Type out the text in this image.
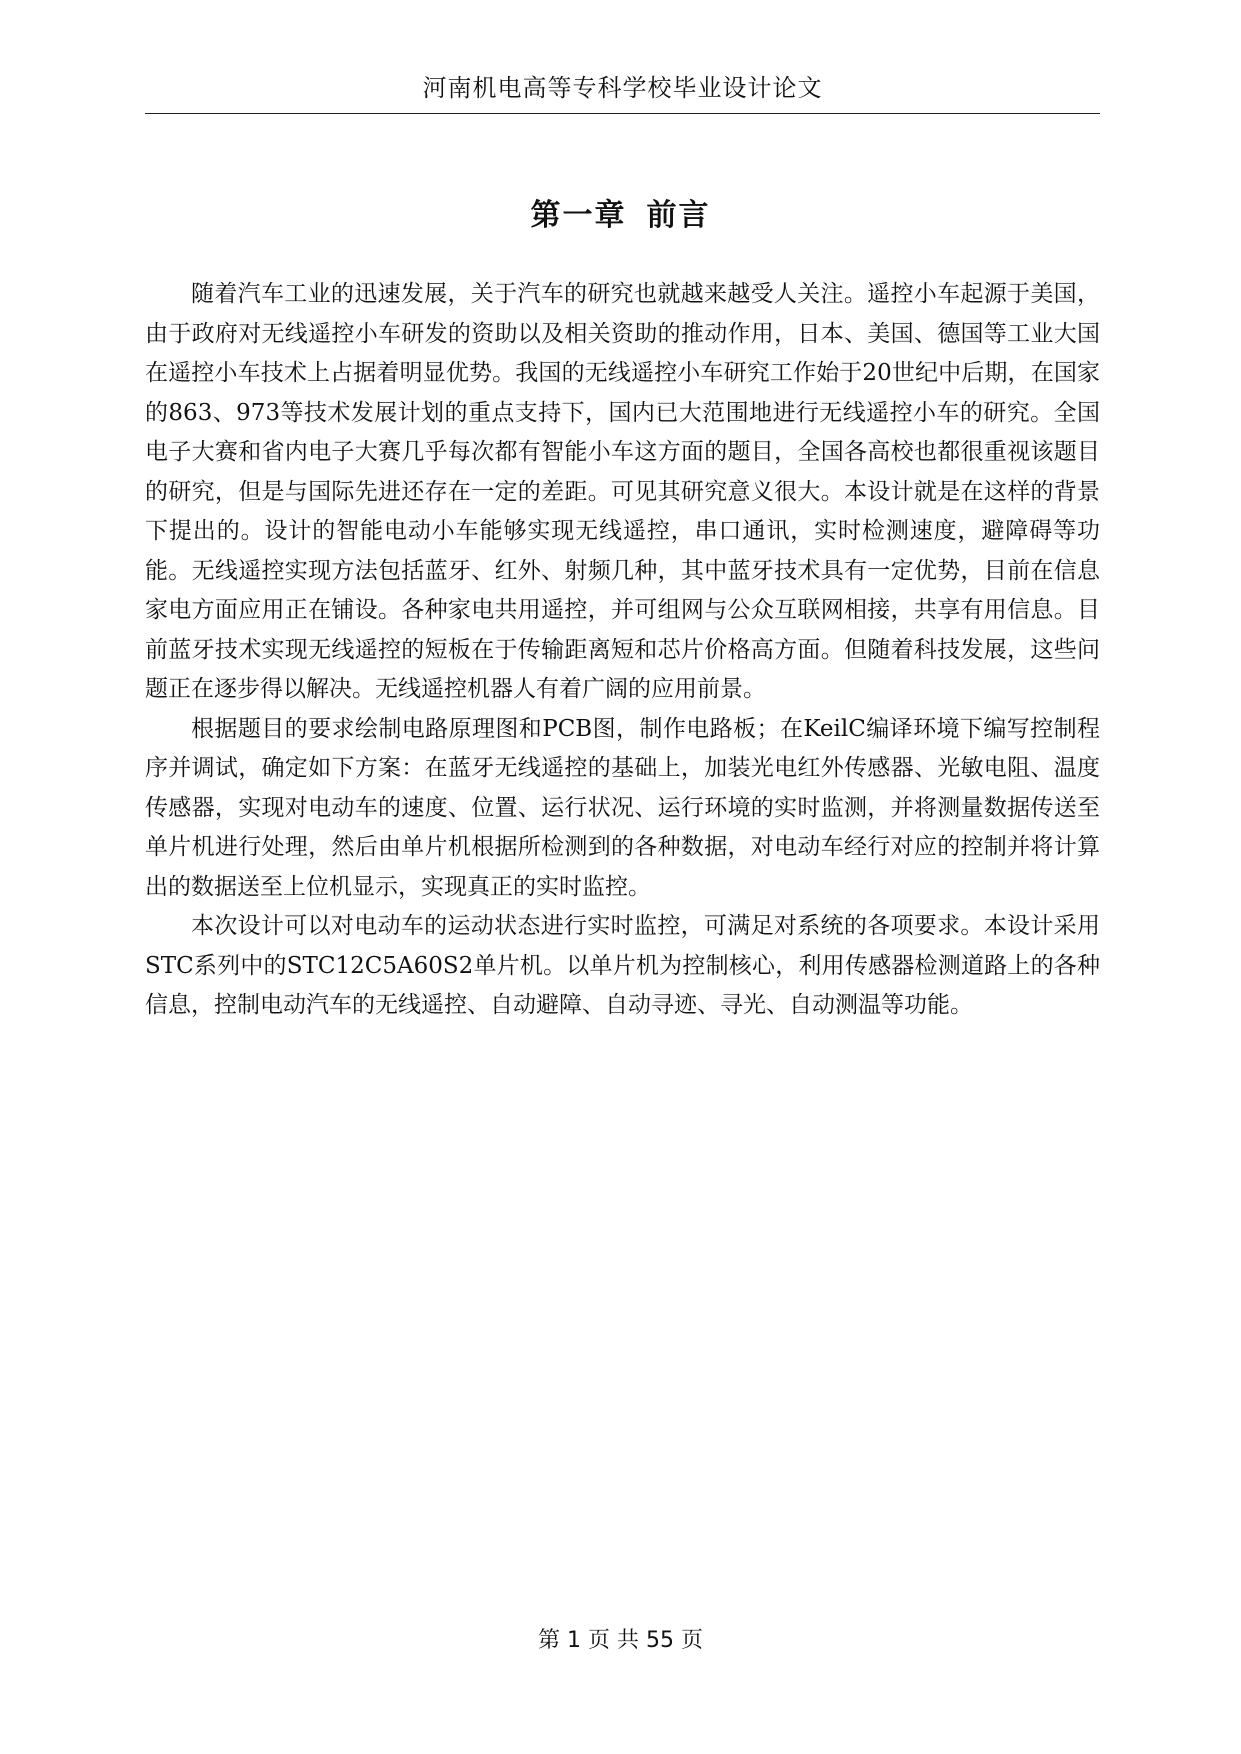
河南机电高等专科学校毕业设计论文
第一章 前言

随着汽车工业的迅速发展，关于汽车的研究也就越来越受人关注。遥控小车起源于美国，由于政府对无线遥控小车研发的资助以及相关资助的推动作用，日本、美国、德国等工业大国在遥控小车技术上占据着明显优势。我国的无线遥控小车研究工作始于20世纪中后期，在国家的863、973等技术发展计划的重点支持下，国内已大范围地进行无线遥控小车的研究。全国电子大赛和省内电子大赛几乎每次都有智能小车这方面的题目，全国各高校也都很重视该题目的研究，但是与国际先进还存在一定的差距。可见其研究意义很大。本设计就是在这样的背景下提出的。设计的智能电动小车能够实现无线遥控，串口通讯，实时检测速度，避障碍等功能。无线遥控实现方法包括蓝牙、红外、射频几种，其中蓝牙技术具有一定优势，目前在信息家电方面应用正在铺设。各种家电共用遥控，并可组网与公众互联网相接，共享有用信息。目前蓝牙技术实现无线遥控的短板在于传输距离短和芯片价格高方面。但随着科技发展，这些问题正在逐步得以解决。无线遥控机器人有着广阔的应用前景。

根据题目的要求绘制电路原理图和PCB图，制作电路板；在KeilC编译环境下编写控制程序并调试，确定如下方案：在蓝牙无线遥控的基础上，加装光电红外传感器、光敏电阻、温度传感器，实现对电动车的速度、位置、运行状况、运行环境的实时监测，并将测量数据传送至单片机进行处理，然后由单片机根据所检测到的各种数据，对电动车经行对应的控制并将计算出的数据送至上位机显示，实现真正的实时监控。

本次设计可以对电动车的运动状态进行实时监控，可满足对系统的各项要求。本设计采用STC系列中的STC12C5A60S2单片机。以单片机为控制核心，利用传感器检测道路上的各种信息，控制电动汽车的无线遥控、自动避障、自动寻迹、寻光、自动测温等功能。

第 1 页 共 55 页
